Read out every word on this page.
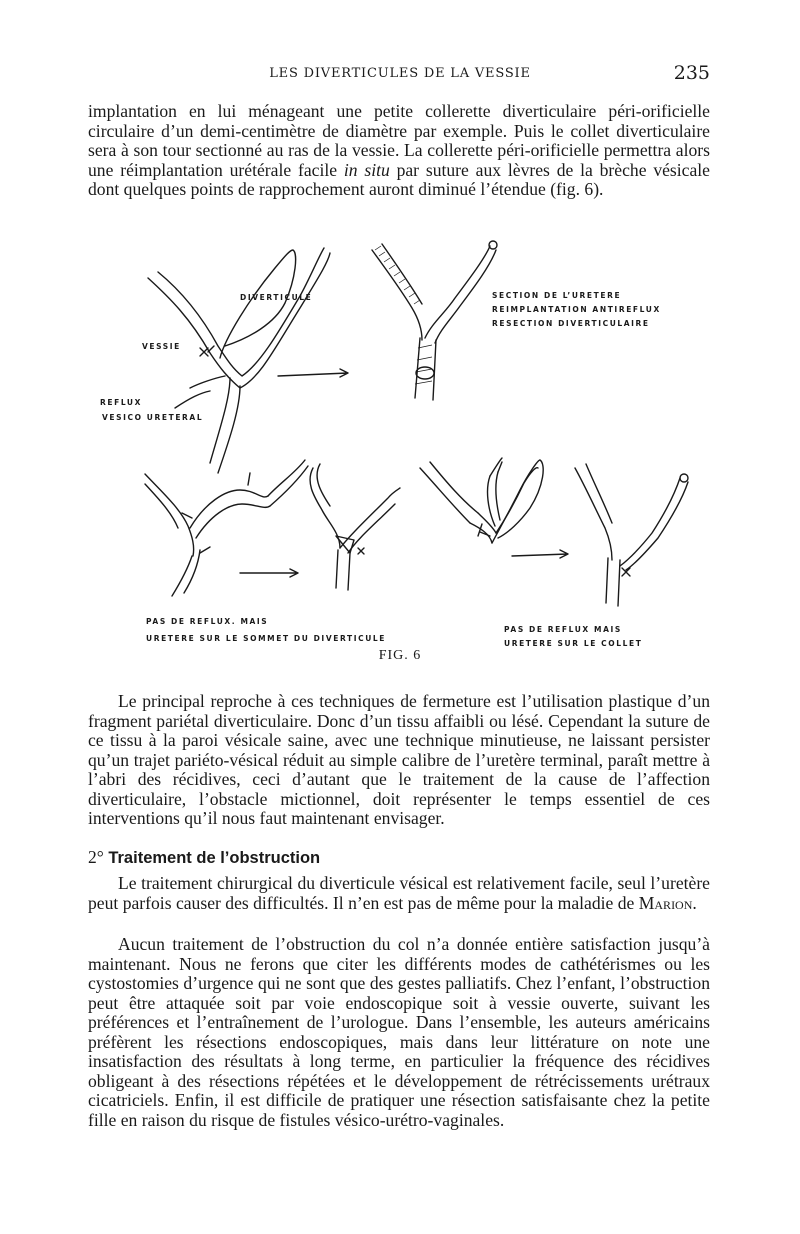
LES DIVERTICULES DE LA VESSIE	235

implantation en lui ménageant une petite collerette diverticulaire péri-orificielle circulaire d’un demi-centimètre de diamètre par exemple. Puis le collet diverticulaire sera à son tour sectionné au ras de la vessie. La collerette péri-orificielle permettra alors une réimplantation urétérale facile in situ par suture aux lèvres de la brèche vésicale dont quelques points de rapprochement auront diminué l’étendue (fig. 6).

DIVERTICULE
VESSIE
REFLUX
VESICO URETERAL
SECTION DE L’URETERE
REIMPLANTATION ANTIREFLUX
RESECTION DIVERTICULAIRE
PAS DE REFLUX. MAIS
URETERE SUR LE SOMMET DU DIVERTICULE
PAS DE REFLUX MAIS
URETERE SUR LE COLLET
FIG. 6

Le principal reproche à ces techniques de fermeture est l’utilisation plastique d’un fragment pariétal diverticulaire. Donc d’un tissu affaibli ou lésé. Cependant la suture de ce tissu à la paroi vésicale saine, avec une technique minutieuse, ne laissant persister qu’un trajet pariéto-vésical réduit au simple calibre de l’uretère terminal, paraît mettre à l’abri des récidives, ceci d’autant que le traitement de la cause de l’affection diverticulaire, l’obstacle mictionnel, doit représenter le temps essentiel de ces interventions qu’il nous faut maintenant envisager.

2° Traitement de l’obstruction

Le traitement chirurgical du diverticule vésical est relativement facile, seul l’uretère peut parfois causer des difficultés. Il n’en est pas de même pour la maladie de Marion.

Aucun traitement de l’obstruction du col n’a donnée entière satisfaction jusqu’à maintenant. Nous ne ferons que citer les différents modes de cathétérismes ou les cystostomies d’urgence qui ne sont que des gestes palliatifs. Chez l’enfant, l’obstruction peut être attaquée soit par voie endoscopique soit à vessie ouverte, suivant les préférences et l’entraînement de l’urologue. Dans l’ensemble, les auteurs américains préfèrent les résections endoscopiques, mais dans leur littérature on note une insatisfaction des résultats à long terme, en particulier la fréquence des récidives obligeant à des résections répétées et le développement de rétrécissements urétraux cicatriciels. Enfin, il est difficile de pratiquer une résection satisfaisante chez la petite fille en raison du risque de fistules vésico-urétro-vaginales.
